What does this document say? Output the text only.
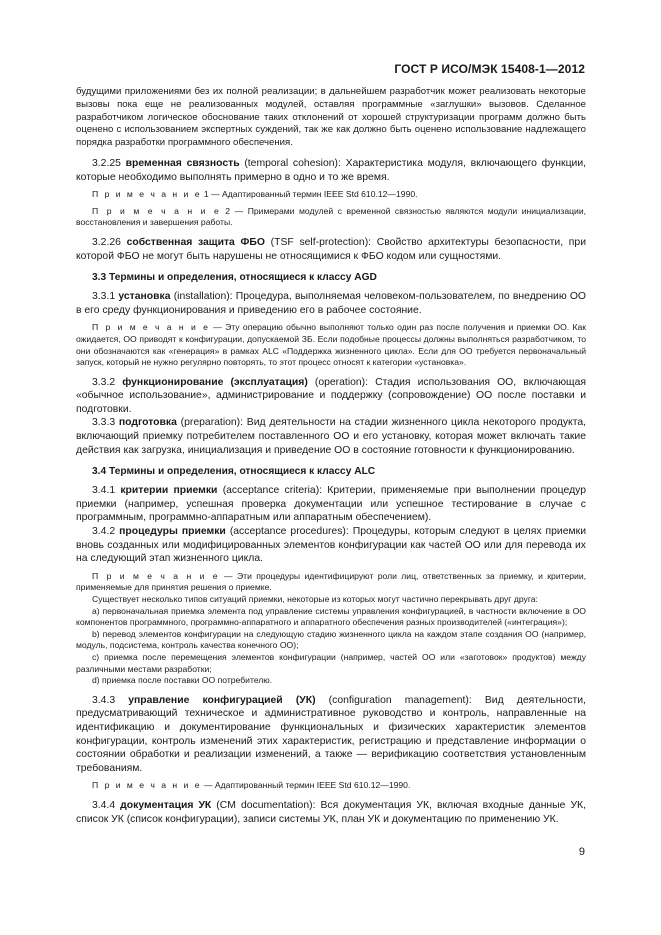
ГОСТ Р ИСО/МЭК 15408-1—2012

будущими приложениями без их полной реализации; в дальнейшем разработчик может реализовать некоторые вызовы пока еще не реализованных модулей, оставляя программные «заглушки» вызовов. Сделанное разработчиком логическое обоснование таких отклонений от хорошей структуризации программ должно быть оценено с использованием экспертных суждений, так же как должно быть оценено использование надлежащего порядка разработки программного обеспечения.

3.2.25 временная связность (temporal cohesion): Характеристика модуля, включающего функции, которые необходимо выполнять примерно в одно и то же время.

П р и м е ч а н и е 1 — Адаптированный термин IEEE Std 610.12—1990.

П р и м е ч а н и е 2 — Примерами модулей с временной связностью являются модули инициализации, восстановления и завершения работы.

3.2.26 собственная защита ФБО (TSF self-protection): Свойство архитектуры безопасности, при которой ФБО не могут быть нарушены не относящимися к ФБО кодом или сущностями.

3.3 Термины и определения, относящиеся к классу AGD

3.3.1 установка (installation): Процедура, выполняемая человеком-пользователем, по внедрению ОО в его среду функционирования и приведению его в рабочее состояние.

П р и м е ч а н и е — Эту операцию обычно выполняют только один раз после получения и приемки ОО. Как ожидается, ОО приводят к конфигурации, допускаемой ЗБ. Если подобные процессы должны выполняться разработчиком, то они обозначаются как «генерация» в рамках ALC «Поддержка жизненного цикла». Если для ОО требуется первоначальный запуск, который не нужно регулярно повторять, то этот процесс относят к категории «установка».

3.3.2 функционирование (эксплуатация) (operation): Стадия использования ОО, включающая «обычное использование», администрирование и поддержку (сопровождение) ОО после поставки и подготовки.

3.3.3 подготовка (preparation): Вид деятельности на стадии жизненного цикла некоторого продукта, включающий приемку потребителем поставленного ОО и его установку, которая может включать такие действия как загрузка, инициализация и приведение ОО в состояние готовности к функционированию.

3.4 Термины и определения, относящиеся к классу ALC

3.4.1 критерии приемки (acceptance criteria): Критерии, применяемые при выполнении процедур приемки (например, успешная проверка документации или успешное тестирование в случае с программным, программно-аппаратным или аппаратным обеспечением).

3.4.2 процедуры приемки (acceptance procedures): Процедуры, которым следуют в целях приемки вновь созданных или модифицированных элементов конфигурации как частей ОО или для перевода их на следующий этап жизненного цикла.

П р и м е ч а н и е — Эти процедуры идентифицируют роли лиц, ответственных за приемку, и критерии, применяемые для принятия решения о приемке.

Существует несколько типов ситуаций приемки, некоторые из которых могут частично перекрывать друг друга:

а) первоначальная приемка элемента под управление системы управления конфигурацией, в частности включение в ОО компонентов программного, программно-аппаратного и аппаратного обеспечения разных производителей («интеграция»);

b) перевод элементов конфигурации на следующую стадию жизненного цикла на каждом этапе создания ОО (например, модуль, подсистема, контроль качества конечного ОО);

c) приемка после перемещения элементов конфигурации (например, частей ОО или «заготовок» продуктов) между различными местами разработки;

d) приемка после поставки ОО потребителю.

3.4.3 управление конфигурацией (УК) (configuration management): Вид деятельности, предусматривающий техническое и административное руководство и контроль, направленные на идентификацию и документирование функциональных и физических характеристик элементов конфигурации, контроль изменений этих характеристик, регистрацию и представление информации о состоянии обработки и реализации изменений, а также — верификацию соответствия установленным требованиям.

П р и м е ч а н и е — Адаптированный термин IEEE Std 610.12—1990.

3.4.4 документация УК (CM documentation): Вся документация УК, включая входные данные УК, список УК (список конфигурации), записи системы УК, план УК и документацию по применению УК.

9
